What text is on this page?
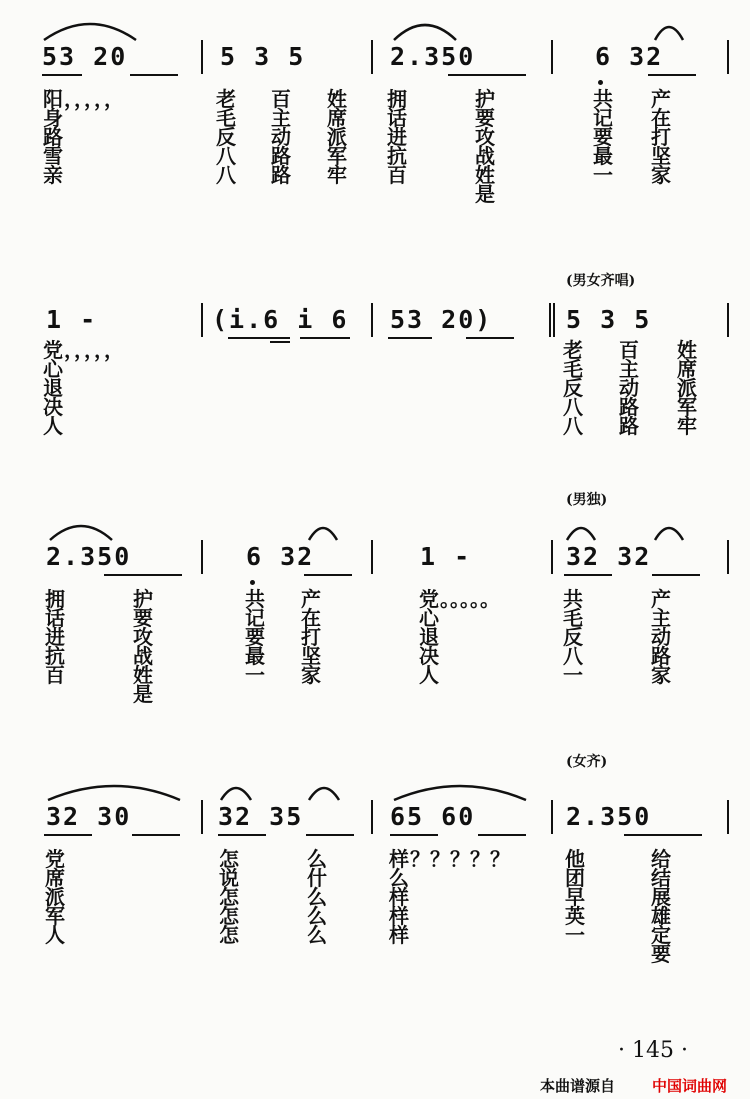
53 20	5 3 5	2.350	6 32
阳身路雪亲
，，，，，	老毛反八八
百主动路路
姓席派军牢
拥话进抗百
护要攻战姓是
共记要最一
产在打坚家
(男女齐唱)
1 -	(i.6 i 6 53 20)	5 3 5
党心退决人
，，，，，	老毛反八八
百主动路路
姓席派军牢
(男独)
2.350	6 32	1 -	32 32
拥话进抗百
护要攻战姓是
共记要最一
产在打坚家
党心退决人
。。。。。	共毛反八一
产主动路家
(女齐)
32 30	32 35	65 60	2.350
党席派军人
怎说怎怎怎
么什么么么
样么样样样
？？？？？	他团早英一
给结展雄定要
· 145 ·
本曲谱源自 中国词曲网
